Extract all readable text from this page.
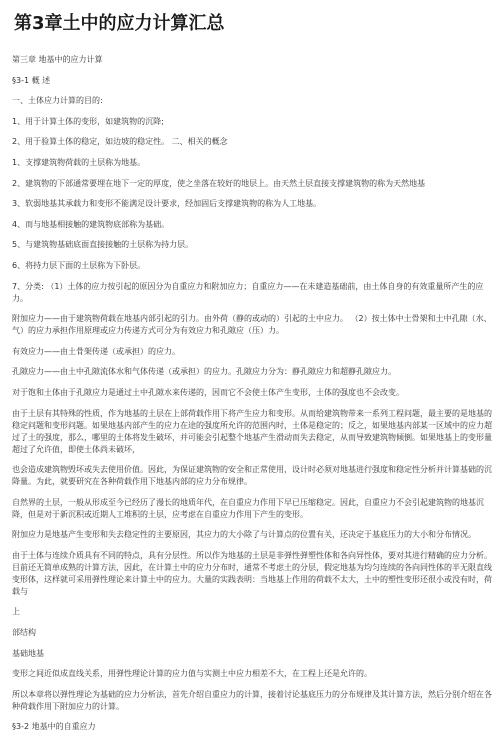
第3章土中的应力计算汇总

第三章 地基中的应力计算

§3-1 概 述

一、土体应力计算的目的:

1、用于计算土体的变形，如建筑物的沉降;

2、用于验算土体的稳定，如边坡的稳定性。 二、相关的概念

1、支撑建筑物荷载的土层称为地基。

2、建筑物的下部通常要埋在地下一定的厚度，使之坐落在较好的地层上。由天然土层直接支撑建筑物的称为天然地基

3、软弱地基其承载力和变形不能满足设计要求，经加固后支撑建筑物的称为人工地基。

4、而与地基相接触的建筑物底部称为基础。

5、与建筑物基础底面直接接触的土层称为持力层。

6、将持力层下面的土层称为下卧层。

7、分类: （1）土体的应力按引起的原因分为自重应力和附加应力；自重应力——在未建造基础前，由土体自身的有效重量所产生的应力。

附加应力——由于建筑物荷载在地基内部引起的引力。由外荷（静的或动的）引起的土中应力。 （2）按土体中土骨架和土中孔隙（水、气）的应力承担作用原理或应力传递方式可分为有效应力和孔隙应（压）力。

有效应力——由土骨架传递（或承担）的应力。

孔隙应力——由土中孔隙流体水和气体传递（或承担）的应力。孔隙应力分为：静孔隙应力和超静孔隙应力。

对于饱和土体由于孔隙应力是通过土中孔隙水来传递的，因而它不会使土体产生变形，土体的强度也不会改变。

由于土层有其特殊的性质，作为地基的土层在上部荷载作用下将产生应力和变形。从而给建筑物带来一系列工程问题，最主要的是地基的稳定问题和变形问题。如果地基内部产生的应力在途的强度所允许的范围内时，土体是稳定的；反之，如果地基内部某一区域中的应力超过了土的强度，那么，哪里的土体将发生破坏，并可能会引起整个地基产生滑动而失去稳定，从而导致建筑物倾倒。如果地基上的变形量超过了允许值，即使土体尚未破坏，

也会造成建筑物毁坏或失去使用价值。因此，为保证建筑物的安全和正常使用，设计时必须对地基进行强度和稳定性分析并计算基础的沉降量。为此，就要研究在各种荷载作用下地基内部的应力分布规律。

自然界的土层，一般从形成至今已经历了漫长的地质年代，在自重应力作用下早已压缩稳定。因此，自重应力不会引起建筑物的地基沉降，但是对于新沉积或近期人工堆积的土层，应考虑在自重应力作用下产生的变形。

附加应力是地基产生变形和失去稳定性的主要原因，其应力的大小除了与计算点的位置有关，还决定于基底压力的大小和分布情况。

由于土体与连续介质具有不同的特点，具有分层性。所以作为地基的土层是非弹性弹塑性体和各向异性体，要对其进行精确的应力分析。目前还无简单成熟的计算方法，因此，在计算土中的应力分布时，通常不考虑土的分层，假定地基为均匀连续的各向同性体的半无限直线变形体，这样就可采用弹性理论来计算土中的应力。大量的实践表明：当地基上作用的荷载不太大，土中的塑性变形还很小或没有时，荷载与

上

部结构

基础地基

变形之间近似成直线关系，用弹性理论计算的应力值与实测土中应力相差不大，在工程上还是允许的。

所以本章将以弹性理论为基础的应力分析法，首先介绍自重应力的计算，接着讨论基底压力的分布规律及其计算方法，然后分别介绍在各种荷载作用下附加应力的计算。

§3-2 地基中的自重应力
